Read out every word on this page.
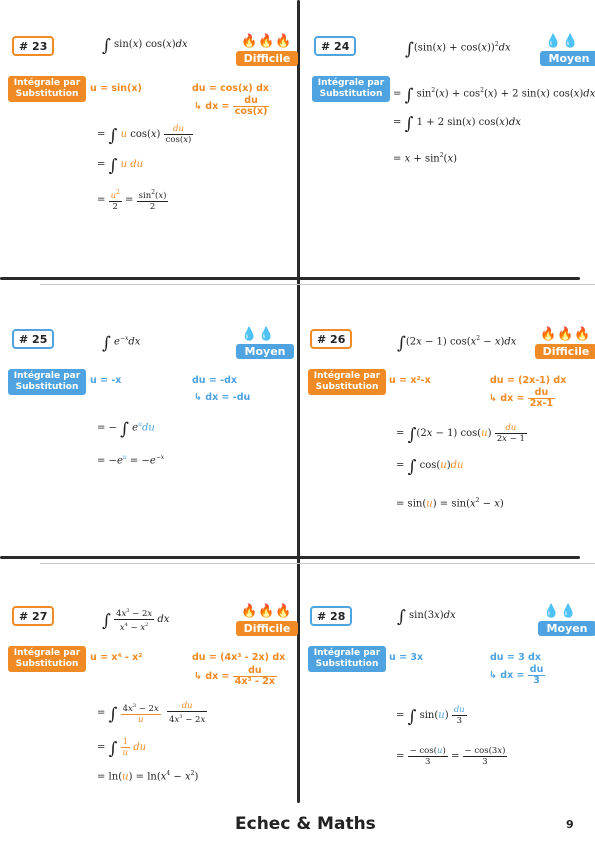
# 23	∫ sin(x) cos(x)dx	🔥🔥🔥
Difficile
Intégrale par
Substitution	u = sin(x)	du = cos(x) dx
↳ dx = $\frac{du}{\cos(x)}$
= ∫ u $\cos(x) \frac{du}{\cos(x)}$
= ∫ u du
= $\frac{u^2}{2} = \frac{\sin^2(x)}{2}$
# 24	$\int(\sin(x) + \cos(x))^2dx$	💧💧
Moyen
Intégrale par
Substitution	= ∫ $\sin^2(x) + \cos^2(x) + 2$ sin(x) cos(x)dx
= ∫ 1 + 2 sin(x) cos(x)dx
= $x + \sin^2(x)$
# 25	∫ $e^{-x}dx$	💧💧
Moyen
Intégrale par
Substitution
u = -x	du = -dx
↳ dx = -du
= − ∫ $e^udu$
= $-e^u = -e^{-x}$
# 26	∫(2x − 1) $\cos(x^2 - x)dx$ 🔥🔥🔥
Difficile
Intégrale par
Substitution
u = x²-x	du = (2x-1) dx
↳ dx = $\frac{du}{2x-1}$
= ∫(2x − 1) $\cos(u) \frac{du}{2x - 1}$
= ∫ cos(u)du
= $\sin(u) = \sin(x^2 - x)$
# 27	∫ $\frac{4x^3 - 2x}{x^4 - x^2}$ dx
🔥🔥🔥
Difficile
Intégrale par
Substitution
u = x⁴ - x²	du = (4x³ - 2x) dx
↳ dx = $\frac{du}{\text{4x³ - 2x}}$
= ∫ $\frac{4x^3 - 2x}{u}$
$\frac{du}{4x^3 - 2x}$
= ∫ $\frac{1}{u}$ du
= $\ln(u) = \ln(x^4 - x^2)$
# 28	∫ sin(3x)dx	💧💧
Moyen
Intégrale par
Substitution
u = 3x	du = 3 dx
↳ dx = $\frac{du}{3}$
= ∫ $\sin(u) \frac{du}{3}$
= $\frac{- \cos(u)}{3} = \frac{- \cos(3x)}{3}$
Echec & Maths	9
